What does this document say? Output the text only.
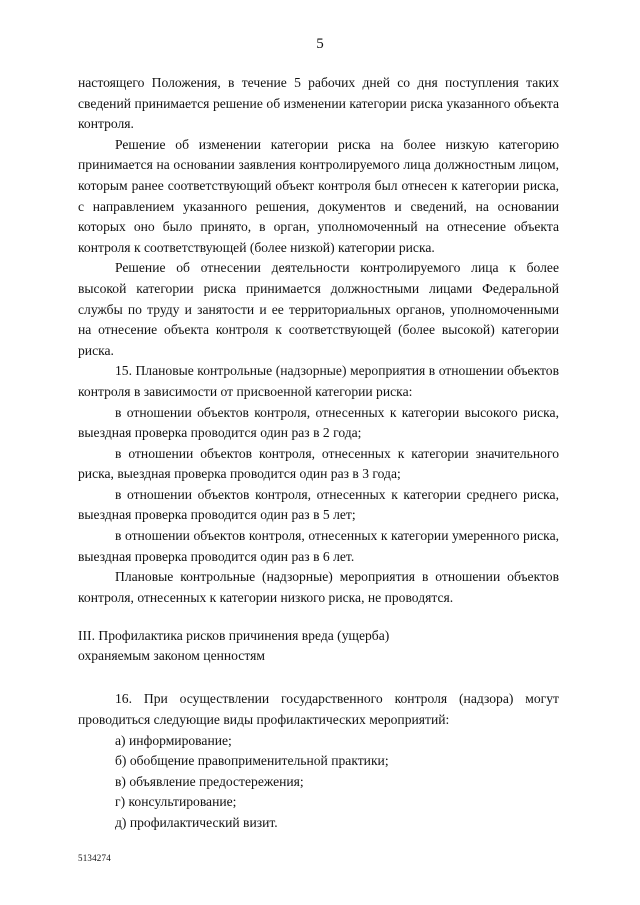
5

настоящего Положения, в течение 5 рабочих дней со дня поступления таких сведений принимается решение об изменении категории риска указанного объекта контроля.

Решение об изменении категории риска на более низкую категорию принимается на основании заявления контролируемого лица должностным лицом, которым ранее соответствующий объект контроля был отнесен к категории риска, с направлением указанного решения, документов и сведений, на основании которых оно было принято, в орган, уполномоченный на отнесение объекта контроля к соответствующей (более низкой) категории риска.

Решение об отнесении деятельности контролируемого лица к более высокой категории риска принимается должностными лицами Федеральной службы по труду и занятости и ее территориальных органов, уполномоченными на отнесение объекта контроля к соответствующей (более высокой) категории риска.

15. Плановые контрольные (надзорные) мероприятия в отношении объектов контроля в зависимости от присвоенной категории риска:

в отношении объектов контроля, отнесенных к категории высокого риска, выездная проверка проводится один раз в 2 года;

в отношении объектов контроля, отнесенных к категории значительного риска, выездная проверка проводится один раз в 3 года;

в отношении объектов контроля, отнесенных к категории среднего риска, выездная проверка проводится один раз в 5 лет;

в отношении объектов контроля, отнесенных к категории умеренного риска, выездная проверка проводится один раз в 6 лет.

Плановые контрольные (надзорные) мероприятия в отношении объектов контроля, отнесенных к категории низкого риска, не проводятся.

III. Профилактика рисков причинения вреда (ущерба)
охраняемым законом ценностям

16. При осуществлении государственного контроля (надзора) могут проводиться следующие виды профилактических мероприятий:

а) информирование;

б) обобщение правоприменительной практики;

в) объявление предостережения;

г) консультирование;

д) профилактический визит.

5134274
